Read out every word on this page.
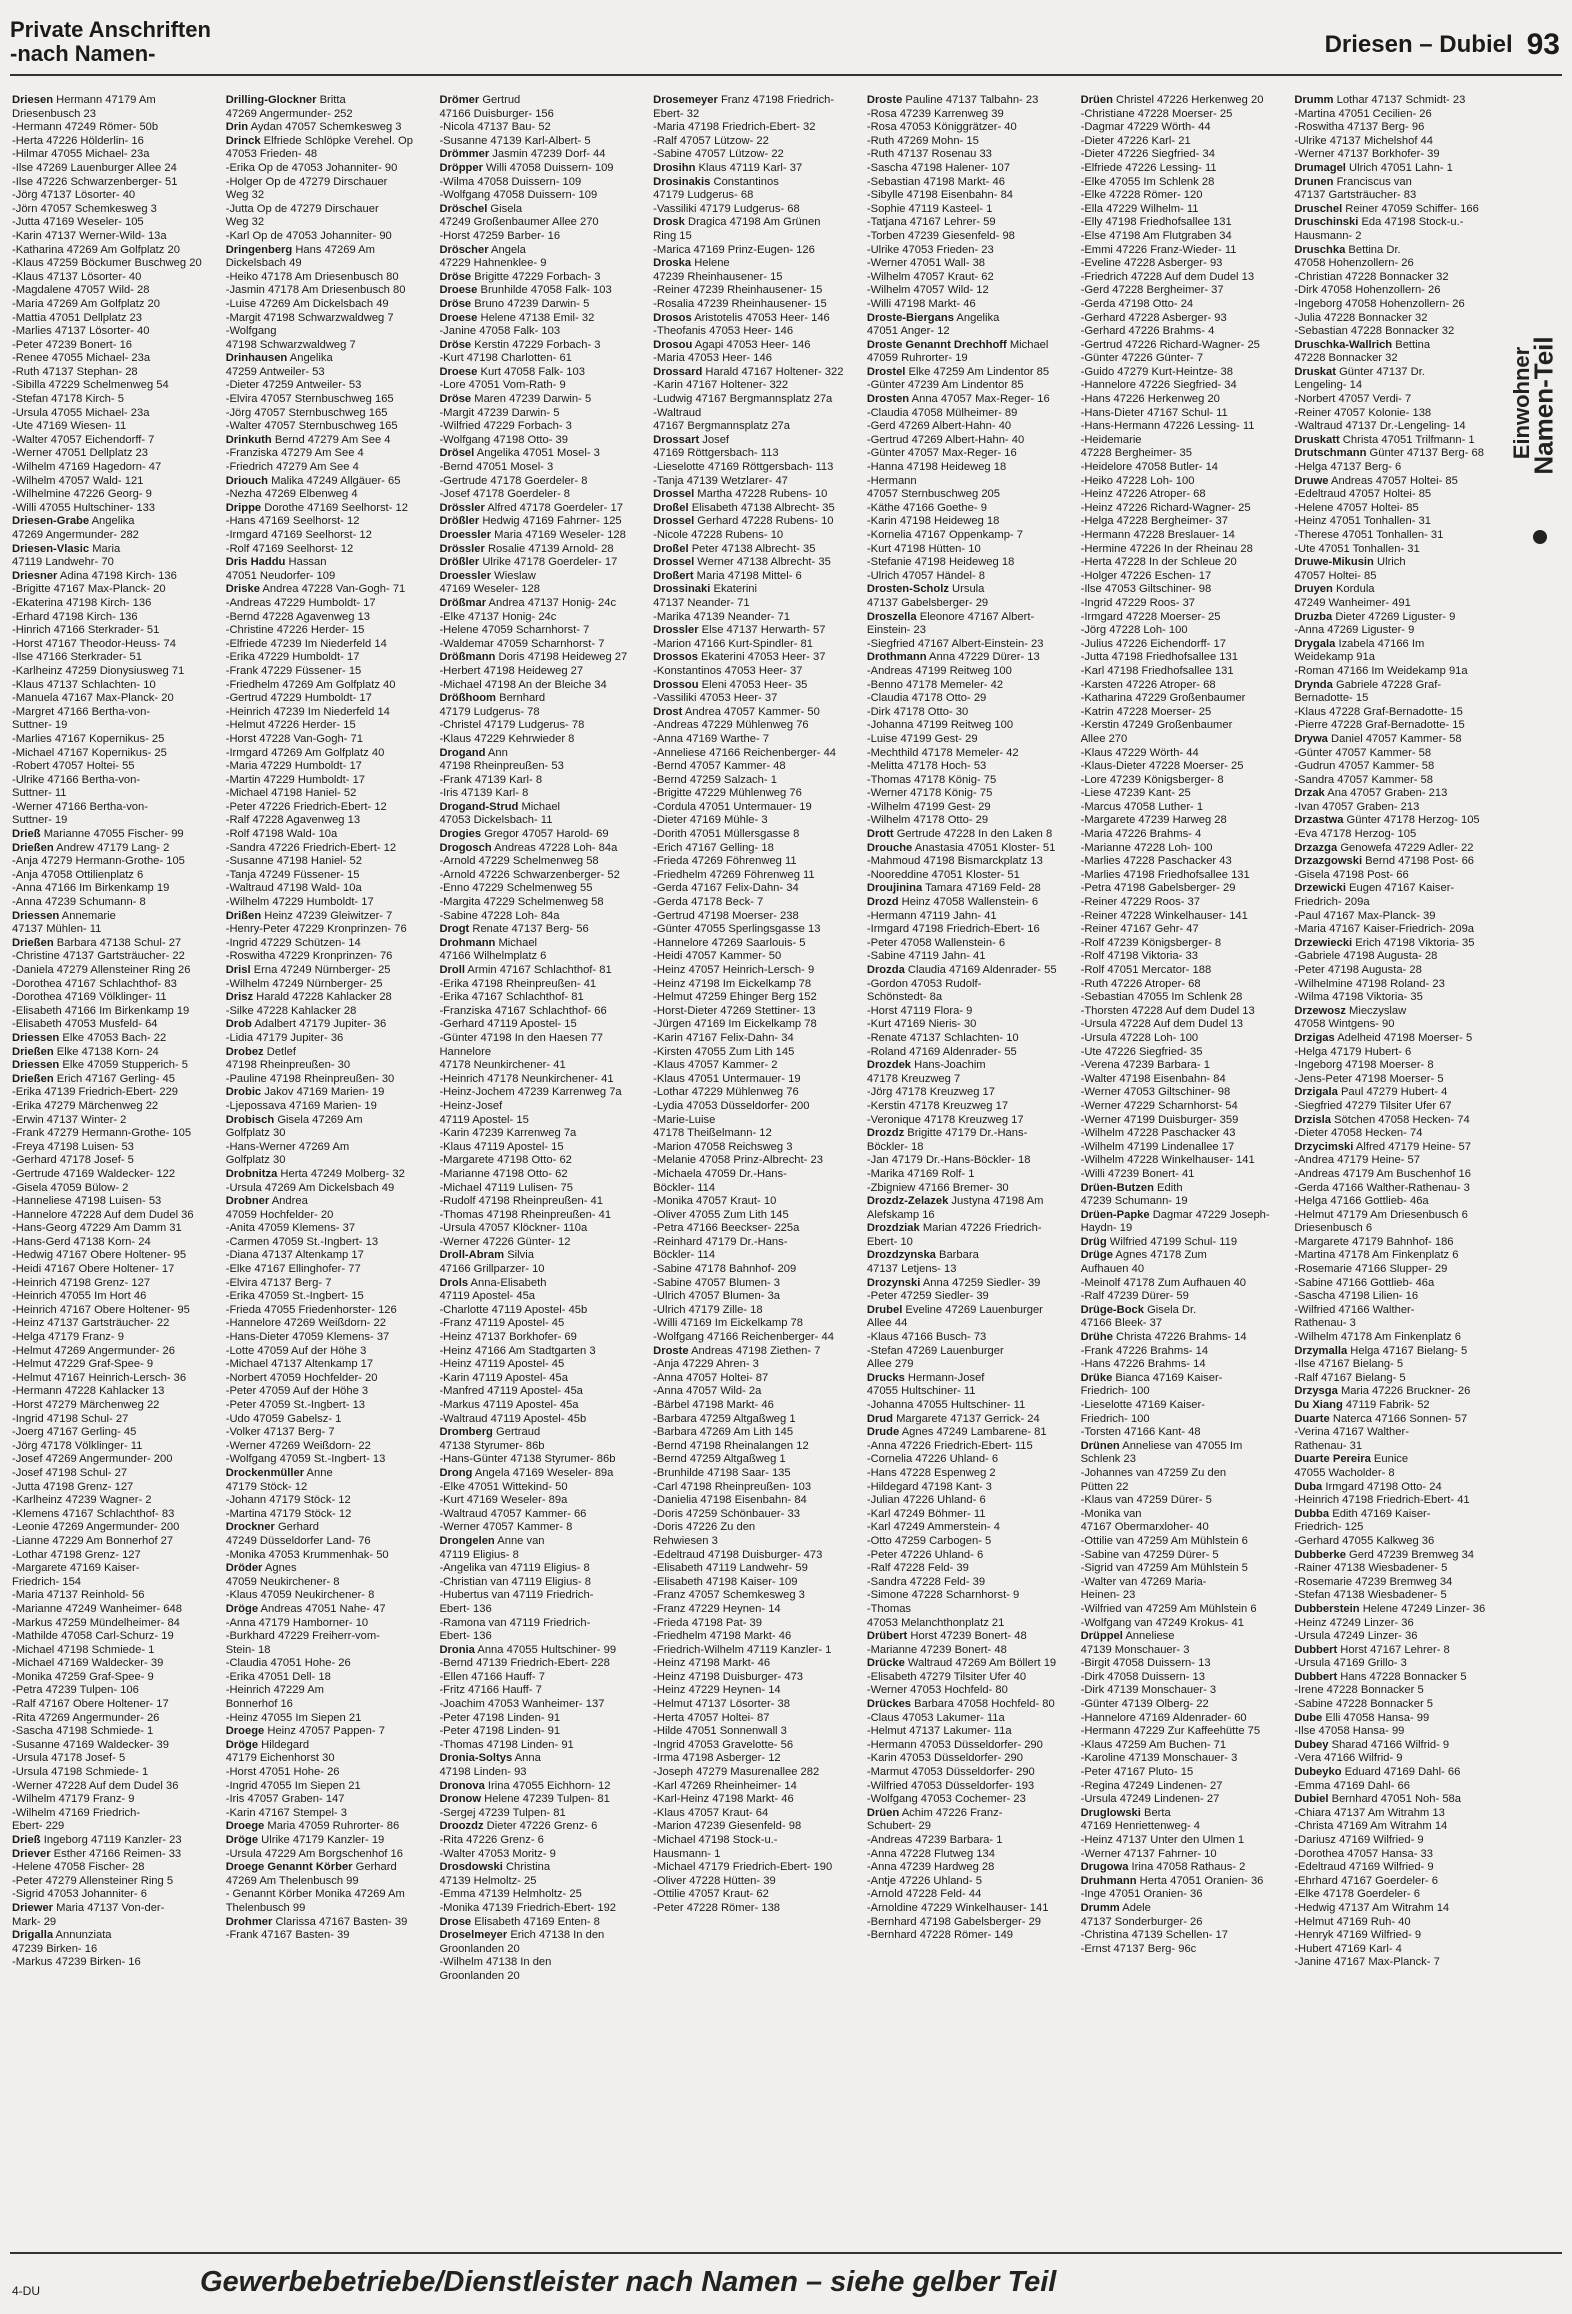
Private Anschriften
-nach Namen-	Driesen – Dubiel 93
Driesen Hermann 47179 Am
Driesenbusch 23
-Hermann 47249 Römer- 50b
-Herta 47226 Hölderlin- 16
-Hilmar 47055 Michael- 23a
-Ilse 47269 Lauenburger Allee 24
-Ilse 47226 Schwarzenberger- 51
-Jörg 47137 Lösorter- 40
-Jörn 47057 Schemkesweg 3
-Jutta 47169 Weseler- 105
-Karin 47137 Werner-Wild- 13a
-Katharina 47269 Am Golfplatz 20
-Klaus 47259 Böckumer Buschweg 20
-Klaus 47137 Lösorter- 40
-Magdalene 47057 Wild- 28
-Maria 47269 Am Golfplatz 20
-Mattia 47051 Dellplatz 23
-Marlies 47137 Lösorter- 40
-Peter 47239 Bonert- 16
-Renee 47055 Michael- 23a
-Ruth 47137 Stephan- 28
-Sibilla 47229 Schelmenweg 54
-Stefan 47178 Kirch- 5
-Ursula 47055 Michael- 23a
-Ute 47169 Wiesen- 11
-Walter 47057 Eichendorff- 7
-Werner 47051 Dellplatz 23
-Wilhelm 47169 Hagedorn- 47
-Wilhelm 47057 Wald- 121
-Wilhelmine 47226 Georg- 9
-Willi 47055 Hultschiner- 133
Driesen-Grabe Angelika
47269 Angermunder- 282
Driesen-Vlasic Maria
47119 Landwehr- 70
Driesner Adina 47198 Kirch- 136
-Brigitte 47167 Max-Planck- 20
-Ekaterina 47198 Kirch- 136
-Erhard 47198 Kirch- 136
-Hinrich 47166 Sterkrader- 51
-Horst 47167 Theodor-Heuss- 74
-Ilse 47166 Sterkrader- 51
-Karlheinz 47259 Dionysiusweg 71
-Klaus 47137 Schlachten- 10
-Manuela 47167 Max-Planck- 20
-Margret 47166 Bertha-von-
Suttner- 19
-Marlies 47167 Kopernikus- 25
-Michael 47167 Kopernikus- 25
-Robert 47057 Holtei- 55
-Ulrike 47166 Bertha-von-
Suttner- 11
-Werner 47166 Bertha-von-
Suttner- 19
Drieß Marianne 47055 Fischer- 99
Drießen Andrew 47179 Lang- 2
-Anja 47279 Hermann-Grothe- 105
-Anja 47058 Ottilienplatz 6
-Anna 47166 Im Birkenkamp 19
-Anna 47239 Schumann- 8
Driessen Annemarie
47137 Mühlen- 11
Drießen Barbara 47138 Schul- 27
-Christine 47137 Gartsträucher- 22
-Daniela 47279 Allensteiner Ring 26
-Dorothea 47167 Schlachthof- 83
-Dorothea 47169 Völklinger- 11
-Elisabeth 47166 Im Birkenkamp 19
-Elisabeth 47053 Musfeld- 64
Driessen Elke 47053 Bach- 22
Drießen Elke 47138 Korn- 24
Driessen Elke 47059 Stupperich- 5
Drießen Erich 47167 Gerling- 45
-Erika 47139 Friedrich-Ebert- 229
-Erika 47279 Märchenweg 22
-Erwin 47137 Winter- 2
-Frank 47279 Hermann-Grothe- 105
-Freya 47198 Luisen- 53
-Gerhard 47178 Josef- 5
-Gertrude 47169 Waldecker- 122
-Gisela 47059 Bülow- 2
-Hanneliese 47198 Luisen- 53
-Hannelore 47228 Auf dem Dudel 36
-Hans-Georg 47229 Am Damm 31
-Hans-Gerd 47138 Korn- 24
-Hedwig 47167 Obere Holtener- 95
-Heidi 47167 Obere Holtener- 17
-Heinrich 47198 Grenz- 127
-Heinrich 47055 Im Hort 46
-Heinrich 47167 Obere Holtener- 95
-Heinz 47137 Gartsträucher- 22
-Helga 47179 Franz- 9
-Helmut 47269 Angermunder- 26
-Helmut 47229 Graf-Spee- 9
-Helmut 47167 Heinrich-Lersch- 36
-Hermann 47228 Kahlacker 13
-Horst 47279 Märchenweg 22
-Ingrid 47198 Schul- 27
-Joerg 47167 Gerling- 45
-Jörg 47178 Völklinger- 11
-Josef 47269 Angermunder- 200
-Josef 47198 Schul- 27
-Jutta 47198 Grenz- 127
-Karlheinz 47239 Wagner- 2
-Klemens 47167 Schlachthof- 83
-Leonie 47269 Angermunder- 200
-Lianne 47229 Am Bonnerhof 27
-Lothar 47198 Grenz- 127
-Margarete 47169 Kaiser-
Friedrich- 154
-Maria 47137 Reinhold- 56
-Marianne 47249 Wanheimer- 648
-Markus 47259 Mündelheimer- 84
-Mathilde 47058 Carl-Schurz- 19
-Michael 47198 Schmiede- 1
-Michael 47169 Waldecker- 39
-Monika 47259 Graf-Spee- 9
-Petra 47239 Tulpen- 106
-Ralf 47167 Obere Holtener- 17
-Rita 47269 Angermunder- 26
-Sascha 47198 Schmiede- 1
-Susanne 47169 Waldecker- 39
-Ursula 47178 Josef- 5
-Ursula 47198 Schmiede- 1
-Werner 47228 Auf dem Dudel 36
-Wilhelm 47179 Franz- 9
-Wilhelm 47169 Friedrich-
Ebert- 229
Drieß Ingeborg 47119 Kanzler- 23
Driever Esther 47166 Reimen- 33
-Helene 47058 Fischer- 28
-Peter 47279 Allensteiner Ring 5
-Sigrid 47053 Johanniter- 6
Driewer Maria 47137 Von-der-
Mark- 29
Drigalla Annunziata
47239 Birken- 16
-Markus 47239 Birken- 16
Drilling-Glockner Britta
47269 Angermunder- 252
Drin Aydan 47057 Schemkesweg 3
Drinck Elfriede Schlöpke Verehel. Op
47053 Frieden- 48
-Erika Op de 47053 Johanniter- 90
-Holger Op de 47279 Dirschauer
Weg 32
-Jutta Op de 47279 Dirschauer
Weg 32
-Karl Op de 47053 Johanniter- 90
Dringenberg Hans 47269 Am
Dickelsbach 49
-Heiko 47178 Am Driesenbusch 80
-Jasmin 47178 Am Driesenbusch 80
-Luise 47269 Am Dickelsbach 49
-Margit 47198 Schwarzwaldweg 7
-Wolfgang
47198 Schwarzwaldweg 7
Drinhausen Angelika
47259 Antweiler- 53
-Dieter 47259 Antweiler- 53
-Elvira 47057 Sternbuschweg 165
-Jörg 47057 Sternbuschweg 165
-Walter 47057 Sternbuschweg 165
Drinkuth Bernd 47279 Am See 4
-Franziska 47279 Am See 4
-Friedrich 47279 Am See 4
Driouch Malika 47249 Allgäuer- 65
-Nezha 47269 Elbenweg 4
Drippe Dorothe 47169 Seelhorst- 12
-Hans 47169 Seelhorst- 12
-Irmgard 47169 Seelhorst- 12
-Rolf 47169 Seelhorst- 12
Dris Haddu Hassan
47051 Neudorfer- 109
Driske Andrea 47228 Van-Gogh- 71
-Andreas 47229 Humboldt- 17
-Bernd 47228 Agavenweg 13
-Christine 47226 Herder- 15
-Elfriede 47239 Im Niederfeld 14
-Erika 47229 Humboldt- 17
-Frank 47229 Füssener- 15
-Friedhelm 47269 Am Golfplatz 40
-Gertrud 47229 Humboldt- 17
-Heinrich 47239 Im Niederfeld 14
-Helmut 47226 Herder- 15
-Horst 47228 Van-Gogh- 71
-Irmgard 47269 Am Golfplatz 40
-Maria 47229 Humboldt- 17
-Martin 47229 Humboldt- 17
-Michael 47198 Haniel- 52
-Peter 47226 Friedrich-Ebert- 12
-Ralf 47228 Agavenweg 13
-Rolf 47198 Wald- 10a
-Sandra 47226 Friedrich-Ebert- 12
-Susanne 47198 Haniel- 52
-Tanja 47249 Füssener- 15
-Waltraud 47198 Wald- 10a
-Wilhelm 47229 Humboldt- 17
Drißen Heinz 47239 Gleiwitzer- 7
-Henry-Peter 47229 Kronprinzen- 76
-Ingrid 47229 Schützen- 14
-Roswitha 47229 Kronprinzen- 76
Drisl Erna 47249 Nürnberger- 25
-Wilhelm 47249 Nürnberger- 25
Drisz Harald 47228 Kahlacker 28
-Silke 47228 Kahlacker 28
Drob Adalbert 47179 Jupiter- 36
-Lidia 47179 Jupiter- 36
Drobez Detlef
47198 Rheinpreußen- 30
-Pauline 47198 Rheinpreußen- 30
Drobic Jakov 47169 Marien- 19
-Ljepossava 47169 Marien- 19
Drobisch Gisela 47269 Am
Golfplatz 30
-Hans-Werner 47269 Am
Golfplatz 30
Drobnitza Herta 47249 Molberg- 32
-Ursula 47269 Am Dickelsbach 49
Drobner Andrea
47059 Hochfelder- 20
-Anita 47059 Klemens- 37
-Carmen 47059 St.-Ingbert- 13
-Diana 47137 Altenkamp 17
-Elke 47167 Ellinghofer- 77
-Elvira 47137 Berg- 7
-Erika 47059 St.-Ingbert- 15
-Frieda 47055 Friedenhorster- 126
-Hannelore 47269 Weißdorn- 22
-Hans-Dieter 47059 Klemens- 37
-Lotte 47059 Auf der Höhe 3
-Michael 47137 Altenkamp 17
-Norbert 47059 Hochfelder- 20
-Peter 47059 Auf der Höhe 3
-Peter 47059 St.-Ingbert- 13
-Udo 47059 Gabelsz- 1
-Volker 47137 Berg- 7
-Werner 47269 Weißdorn- 22
-Wolfgang 47059 St.-Ingbert- 13
Drockenmüller Anne
47179 Stöck- 12
-Johann 47179 Stöck- 12
-Martina 47179 Stöck- 12
Drockner Gerhard
47249 Düsseldorfer Land- 76
-Monika 47053 Krummenhak- 50
Dröder Agnes
47059 Neukirchener- 8
-Klaus 47059 Neukirchener- 8
Dröge Andreas 47051 Nahe- 47
-Anna 47179 Hamborner- 10
-Burkhard 47229 Freiherr-vom-
Stein- 18
-Claudia 47051 Hohe- 26
-Erika 47051 Dell- 18
-Heinrich 47229 Am
Bonnerhof 16
-Heinz 47055 Im Siepen 21
Droege Heinz 47057 Pappen- 7
Dröge Hildegard
47179 Eichenhorst 30
-Horst 47051 Hohe- 26
-Ingrid 47055 Im Siepen 21
-Iris 47057 Graben- 147
-Karin 47167 Stempel- 3
Droege Maria 47059 Ruhrorter- 86
Dröge Ulrike 47179 Kanzler- 19
-Ursula 47229 Am Borgschenhof 16
Droege Genannt Körber Gerhard
47269 Am Thelenbusch 99
- Genannt Körber Monika 47269 Am
Thelenbusch 99
Drohmer Clarissa 47167 Basten- 39
-Frank 47167 Basten- 39
Drömer Gertrud
47166 Duisburger- 156
-Nicola 47137 Bau- 52
-Susanne 47139 Karl-Albert- 5
Drömmer Jasmin 47239 Dorf- 44
Dröpper Willi 47058 Duissern- 109
-Wilma 47058 Duissern- 109
-Wolfgang 47058 Duissern- 109
Dröschel Gisela
47249 Großenbaumer Allee 270
-Horst 47259 Barber- 16
Dröscher Angela
47229 Hahnenklee- 9
Dröse Brigitte 47229 Forbach- 3
Droese Brunhilde 47058 Falk- 103
Dröse Bruno 47239 Darwin- 5
Droese Helene 47138 Emil- 32
-Janine 47058 Falk- 103
Dröse Kerstin 47229 Forbach- 3
-Kurt 47198 Charlotten- 61
Droese Kurt 47058 Falk- 103
-Lore 47051 Vom-Rath- 9
Dröse Maren 47239 Darwin- 5
-Margit 47239 Darwin- 5
-Wilfried 47229 Forbach- 3
-Wolfgang 47198 Otto- 39
Drösel Angelika 47051 Mosel- 3
-Bernd 47051 Mosel- 3
-Gertrude 47178 Goerdeler- 8
-Josef 47178 Goerdeler- 8
Drössler Alfred 47178 Goerdeler- 17
Drößler Hedwig 47169 Fahrner- 125
Droessler Maria 47169 Weseler- 128
Drössler Rosalie 47139 Arnold- 28
Drößler Ulrike 47178 Goerdeler- 17
Droessler Wieslaw
47169 Weseler- 128
Drößmar Andrea 47137 Honig- 24c
-Elke 47137 Honig- 24c
-Helene 47059 Scharnhorst- 7
-Waldemar 47059 Scharnhorst- 7
Drößmann Doris 47198 Heideweg 27
-Herbert 47198 Heideweg 27
-Michael 47198 An der Bleiche 34
Drößhoom Bernhard
47179 Ludgerus- 78
-Christel 47179 Ludgerus- 78
-Klaus 47229 Kehrwieder 8
Drogand Ann
47198 Rheinpreußen- 53
-Frank 47139 Karl- 8
-Iris 47139 Karl- 8
Drogand-Strud Michael
47053 Dickelsbach- 11
Drogies Gregor 47057 Harold- 69
Drogosch Andreas 47228 Loh- 84a
-Arnold 47229 Schelmenweg 58
-Arnold 47226 Schwarzenberger- 52
-Enno 47229 Schelmenweg 55
-Margita 47229 Schelmenweg 58
-Sabine 47228 Loh- 84a
Drogt Renate 47137 Berg- 56
Drohmann Michael
47166 Wilhelmplatz 6
Droll Armin 47167 Schlachthof- 81
-Erika 47198 Rheinpreußen- 41
-Erika 47167 Schlachthof- 81
-Franziska 47167 Schlachthof- 66
-Gerhard 47119 Apostel- 15
-Günter 47198 In den Haesen 77
Hannelore
47178 Neunkirchener- 41
-Heinrich 47178 Neunkirchener- 41
-Heinz-Jochem 47239 Karrenweg 7a
-Heinz-Josef
47119 Apostel- 15
-Karin 47239 Karrenweg 7a
-Klaus 47119 Apostel- 15
-Margarete 47198 Otto- 62
-Marianne 47198 Otto- 62
-Michael 47119 Lulisen- 75
-Rudolf 47198 Rheinpreußen- 41
-Thomas 47198 Rheinpreußen- 41
-Ursula 47057 Klöckner- 110a
-Werner 47226 Günter- 12
Droll-Abram Silvia
47166 Grillparzer- 10
Drols Anna-Elisabeth
47119 Apostel- 45a
-Charlotte 47119 Apostel- 45b
-Franz 47119 Apostel- 45
-Heinz 47137 Borkhofer- 69
-Heinz 47166 Am Stadtgarten 3
-Heinz 47119 Apostel- 45
-Karin 47119 Apostel- 45a
-Manfred 47119 Apostel- 45a
-Markus 47119 Apostel- 45a
-Waltraud 47119 Apostel- 45b
Dromberg Gertraud
47138 Styrumer- 86b
-Hans-Günter 47138 Styrumer- 86b
Drong Angela 47169 Weseler- 89a
-Elke 47051 Wittekind- 50
-Kurt 47169 Weseler- 89a
-Waltraud 47057 Kammer- 66
-Werner 47057 Kammer- 8
Drongelen Anne van
47119 Eligius- 8
-Angelika van 47119 Eligius- 8
-Christian van 47119 Eligius- 8
-Hubertus van 47119 Friedrich-
Ebert- 136
-Ramona van 47119 Friedrich-
Ebert- 136
Dronia Anna 47055 Hultschiner- 99
-Bernd 47139 Friedrich-Ebert- 228
-Ellen 47166 Hauff- 7
-Fritz 47166 Hauff- 7
-Joachim 47053 Wanheimer- 137
-Peter 47198 Linden- 91
-Peter 47198 Linden- 91
-Thomas 47198 Linden- 91
Dronia-Soltys Anna
47198 Linden- 93
Dronova Irina 47055 Eichhorn- 12
Dronow Helene 47239 Tulpen- 81
-Sergej 47239 Tulpen- 81
Droozdz Dieter 47226 Grenz- 6
-Rita 47226 Grenz- 6
-Walter 47053 Moritz- 9
Drosdowski Christina
47139 Helmoltz- 25
-Emma 47139 Helmholtz- 25
-Monika 47139 Friedrich-Ebert- 192
Drose Elisabeth 47169 Enten- 8
Droselmeyer Erich 47138 In den
Groonlanden 20
-Wilhelm 47138 In den
Groonlanden 20
Drosemeyer Franz 47198 Friedrich-
Ebert- 32
-Maria 47198 Friedrich-Ebert- 32
-Ralf 47057 Lützow- 22
-Sabine 47057 Lützow- 22
Drosihn Klaus 47119 Karl- 37
Drosinakis Constantinos
47179 Ludgerus- 68
-Vassiliki 47179 Ludgerus- 68
Drosk Dragica 47198 Am Grünen
Ring 15
-Marica 47169 Prinz-Eugen- 126
Droska Helene
47239 Rheinhausener- 15
-Reiner 47239 Rheinhausener- 15
-Rosalia 47239 Rheinhausener- 15
Drosos Aristotelis 47053 Heer- 146
-Theofanis 47053 Heer- 146
Drosou Agapi 47053 Heer- 146
-Maria 47053 Heer- 146
Drossard Harald 47167 Holtener- 322
-Karin 47167 Holtener- 322
-Ludwig 47167 Bergmannsplatz 27a
-Waltraud
47167 Bergmannsplatz 27a
Drossart Josef
47169 Röttgersbach- 113
-Lieselotte 47169 Röttgersbach- 113
-Tanja 47139 Wetzlarer- 47
Drossel Martha 47228 Rubens- 10
Droßel Elisabeth 47138 Albrecht- 35
Drossel Gerhard 47228 Rubens- 10
-Nicole 47228 Rubens- 10
Droßel Peter 47138 Albrecht- 35
Drossel Werner 47138 Albrecht- 35
Droßert Maria 47198 Mittel- 6
Drossinaki Ekaterini
47137 Neander- 71
-Marika 47139 Neander- 71
Drossler Else 47137 Herwarth- 57
-Marion 47166 Kurt-Spindler- 81
Drossos Ekaterini 47053 Heer- 37
-Konstantinos 47053 Heer- 37
Drossou Eleni 47053 Heer- 35
-Vassiliki 47053 Heer- 37
Drost Andrea 47057 Kammer- 50
-Andreas 47229 Mühlenweg 76
-Anna 47169 Warthe- 7
-Anneliese 47166 Reichenberger- 44
-Bernd 47057 Kammer- 48
-Bernd 47259 Salzach- 1
-Brigitte 47229 Mühlenweg 76
-Cordula 47051 Untermauer- 19
-Dieter 47169 Mühle- 3
-Dorith 47051 Müllersgasse 8
-Erich 47167 Gelling- 18
-Frieda 47269 Föhrenweg 11
-Friedhelm 47269 Föhrenweg 11
-Gerda 47167 Felix-Dahn- 34
-Gerda 47178 Beck- 7
-Gertrud 47198 Moerser- 238
-Günter 47055 Sperlingsgasse 13
-Hannelore 47269 Saarlouis- 5
-Heidi 47057 Kammer- 50
-Heinz 47057 Heinrich-Lersch- 9
-Heinz 47198 Im Eickelkamp 78
-Helmut 47259 Ehinger Berg 152
-Horst-Dieter 47269 Stettiner- 13
-Jürgen 47169 Im Eickelkamp 78
-Karin 47167 Felix-Dahn- 34
-Kirsten 47055 Zum Lith 145
-Klaus 47057 Kammer- 2
-Klaus 47051 Untermauer- 19
-Lothar 47229 Mühlenweg 76
-Lydia 47053 Düsseldorfer- 200
-Marie-Luise
47178 Theißelmann- 12
-Marion 47058 Reichsweg 3
-Melanie 47058 Prinz-Albrecht- 23
-Michaela 47059 Dr.-Hans-
Böckler- 114
-Monika 47057 Kraut- 10
-Oliver 47055 Zum Lith 145
-Petra 47166 Beeckser- 225a
-Reinhard 47179 Dr.-Hans-
Böckler- 114
-Sabine 47178 Bahnhof- 209
-Sabine 47057 Blumen- 3
-Ulrich 47057 Blumen- 3a
-Ulrich 47179 Zille- 18
-Willi 47169 Im Eickelkamp 78
-Wolfgang 47166 Reichenberger- 44
Droste Andreas 47198 Ziethen- 7
-Anja 47229 Ahren- 3
-Anna 47057 Holtei- 87
-Anna 47057 Wild- 2a
-Bärbel 47198 Markt- 46
-Barbara 47259 Altgaßweg 1
-Barbara 47269 Am Lith 145
-Bernd 47198 Rheinalangen 12
-Bernd 47259 Altgaßweg 1
-Brunhilde 47198 Saar- 135
-Carl 47198 Rheinpreußen- 103
-Danielia 47198 Eisenbahn- 84
-Doris 47259 Schönbauer- 33
-Doris 47226 Zu den
Rehwiesen 3
-Edeltraud 47198 Duisburger- 473
-Elisabeth 47119 Landwehr- 59
-Elisabeth 47198 Kaiser- 109
-Franz 47057 Schemkesweg 3
-Franz 47229 Heynen- 14
-Frieda 47198 Pat- 39
-Friedhelm 47198 Markt- 46
-Friedrich-Wilhelm 47119 Kanzler- 1
-Heinz 47198 Markt- 46
-Heinz 47198 Duisburger- 473
-Heinz 47229 Heynen- 14
-Helmut 47137 Lösorter- 38
-Herta 47057 Holtei- 87
-Hilde 47051 Sonnenwall 3
-Ingrid 47053 Gravelotte- 56
-Irma 47198 Asberger- 12
-Joseph 47279 Masurenallee 282
-Karl 47269 Rheinheimer- 14
-Karl-Heinz 47198 Markt- 46
-Klaus 47057 Kraut- 64
-Marion 47239 Giesenfeld- 98
-Michael 47198 Stock-u.-
Hausmann- 1
-Michael 47179 Friedrich-Ebert- 190
-Oliver 47228 Hütten- 39
-Ottilie 47057 Kraut- 62
-Peter 47228 Römer- 138
Droste Pauline 47137 Talbahn- 23
-Rosa 47239 Karrenweg 39
-Rosa 47053 Königgrätzer- 40
-Ruth 47269 Mohn- 15
-Ruth 47137 Rosenau 33
-Sascha 47198 Halener- 107
-Sebastian 47198 Markt- 46
-Sibylle 47198 Eisenbahn- 84
-Sophie 47119 Kasteel- 1
-Tatjana 47167 Lehrer- 59
-Torben 47239 Giesenfeld- 98
-Ulrike 47053 Frieden- 23
-Werner 47051 Wall- 38
-Wilhelm 47057 Kraut- 62
-Wilhelm 47057 Wild- 12
-Willi 47198 Markt- 46
Droste-Biergans Angelika
47051 Anger- 12
Droste Genannt Drechhoff Michael
47059 Ruhrorter- 19
Drostel Elke 47259 Am Lindentor 85
-Günter 47239 Am Lindentor 85
Drosten Anna 47057 Max-Reger- 16
-Claudia 47058 Mülheimer- 89
-Gerd 47269 Albert-Hahn- 40
-Gertrud 47269 Albert-Hahn- 40
-Günter 47057 Max-Reger- 16
-Hanna 47198 Heideweg 18
-Hermann
47057 Sternbuschweg 205
-Käthe 47166 Goethe- 9
-Karin 47198 Heideweg 18
-Kornelia 47167 Oppenkamp- 7
-Kurt 47198 Hütten- 10
-Stefanie 47198 Heideweg 18
-Ulrich 47057 Händel- 8
Drosten-Scholz Ursula
47137 Gabelsberger- 29
Droszella Eleonore 47167 Albert-
Einstein- 23
-Siegfried 47167 Albert-Einstein- 23
Drothmann Anna 47229 Dürer- 13
-Andreas 47199 Reitweg 100
-Benno 47178 Memeler- 42
-Claudia 47178 Otto- 29
-Dirk 47178 Otto- 30
-Johanna 47199 Reitweg 100
-Luise 47199 Gest- 29
-Mechthild 47178 Memeler- 42
-Melitta 47178 Hoch- 53
-Thomas 47178 König- 75
-Werner 47178 König- 75
-Wilhelm 47199 Gest- 29
-Wilhelm 47178 Otto- 29
Drott Gertrude 47228 In den Laken 8
Drouche Anastasia 47051 Kloster- 51
-Mahmoud 47198 Bismarckplatz 13
-Nooreddine 47051 Kloster- 51
Droujinina Tamara 47169 Feld- 28
Drozd Heinz 47058 Wallenstein- 6
-Hermann 47119 Jahn- 41
-Irmgard 47198 Friedrich-Ebert- 16
-Peter 47058 Wallenstein- 6
-Sabine 47119 Jahn- 41
Drozda Claudia 47169 Aldenrader- 55
-Gordon 47053 Rudolf-
Schönstedt- 8a
-Horst 47119 Flora- 9
-Kurt 47169 Nieris- 30
-Renate 47137 Schlachten- 10
-Roland 47169 Aldenrader- 55
Drozdek Hans-Joachim
47178 Kreuzweg 7
-Jörg 47178 Kreuzweg 17
-Kerstin 47178 Kreuzweg 17
-Veronique 47178 Kreuzweg 17
Drozdz Brigitte 47179 Dr.-Hans-
Böckler- 18
-Jan 47179 Dr.-Hans-Böckler- 18
-Marika 47169 Rolf- 1
-Zbigniew 47166 Bremer- 30
Drozdz-Zelazek Justyna 47198 Am
Alefskamp 16
Drozdziak Marian 47226 Friedrich-
Ebert- 10
Drozdzynska Barbara
47137 Letjens- 13
Drozynski Anna 47259 Siedler- 39
-Peter 47259 Siedler- 39
Drubel Eveline 47269 Lauenburger
Allee 44
-Klaus 47166 Busch- 73
-Stefan 47269 Lauenburger
Allee 279
Drucks Hermann-Josef
47055 Hultschiner- 11
-Johanna 47055 Hultschiner- 11
Drud Margarete 47137 Gerrick- 24
Drude Agnes 47249 Lambarene- 81
-Anna 47226 Friedrich-Ebert- 115
-Cornelia 47226 Uhland- 6
-Hans 47228 Espenweg 2
-Hildegard 47198 Kant- 3
-Julian 47226 Uhland- 6
-Karl 47249 Böhmer- 11
-Karl 47249 Ammerstein- 4
-Otto 47259 Carbogen- 5
-Peter 47226 Uhland- 6
-Ralf 47228 Feld- 39
-Sandra 47228 Feld- 39
-Simone 47228 Scharnhorst- 9
-Thomas
47053 Melanchthonplatz 21
Drübert Horst 47239 Bonert- 48
-Marianne 47239 Bonert- 48
Drücke Waltraud 47269 Am Böllert 19
-Elisabeth 47279 Tilsiter Ufer 40
-Werner 47053 Hochfeld- 80
Drückes Barbara 47058 Hochfeld- 80
-Claus 47053 Lakumer- 11a
-Helmut 47137 Lakumer- 11a
-Hermann 47053 Düsseldorfer- 290
-Karin 47053 Düsseldorfer- 290
-Marmut 47053 Düsseldorfer- 290
-Wilfried 47053 Düsseldorfer- 193
-Wolfgang 47053 Cochemer- 23
Drüen Achim 47226 Franz-
Schubert- 29
-Andreas 47239 Barbara- 1
-Anna 47228 Flutweg 134
-Anna 47239 Hardweg 28
-Antje 47226 Uhland- 5
-Arnold 47228 Feld- 44
-Arnoldine 47229 Winkelhauser- 141
-Bernhard 47198 Gabelsberger- 29
-Bernhard 47228 Römer- 149
Drüen Christel 47226 Herkenweg 20
-Christiane 47228 Moerser- 25
-Dagmar 47229 Wörth- 44
-Dieter 47226 Karl- 21
-Dieter 47226 Siegfried- 34
-Elfriede 47226 Lessing- 11
-Elke 47055 Im Schlenk 28
-Elke 47228 Römer- 120
-Ella 47229 Wilhelm- 11
-Elly 47198 Friedhofsallee 131
-Else 47198 Am Flutgraben 34
-Emmi 47226 Franz-Wieder- 11
-Eveline 47228 Asberger- 93
-Friedrich 47228 Auf dem Dudel 13
-Gerd 47228 Bergheimer- 37
-Gerda 47198 Otto- 24
-Gerhard 47228 Asberger- 93
-Gerhard 47226 Brahms- 4
-Gertrud 47226 Richard-Wagner- 25
-Günter 47226 Günter- 7
-Guido 47279 Kurt-Heintze- 38
-Hannelore 47226 Siegfried- 34
-Hans 47226 Herkenweg 20
-Hans-Dieter 47167 Schul- 11
-Hans-Hermann 47226 Lessing- 11
-Heidemarie
47228 Bergheimer- 35
-Heidelore 47058 Butler- 14
-Heiko 47228 Loh- 100
-Heinz 47226 Atroper- 68
-Heinz 47226 Richard-Wagner- 25
-Helga 47228 Bergheimer- 37
-Hermann 47228 Breslauer- 14
-Hermine 47226 In der Rheinau 28
-Herta 47228 In der Schleue 20
-Holger 47226 Eschen- 17
-Ilse 47053 Giltschiner- 98
-Ingrid 47229 Roos- 37
-Irmgard 47228 Moerser- 25
-Jörg 47228 Loh- 100
-Julius 47226 Eichendorff- 17
-Jutta 47198 Friedhofsallee 131
-Karl 47198 Friedhofsallee 131
-Karsten 47226 Atroper- 68
-Katharina 47229 Großenbaumer
-Katrin 47228 Moerser- 25
-Kerstin 47249 Großenbaumer
Allee 270
-Klaus 47229 Wörth- 44
-Klaus-Dieter 47228 Moerser- 25
-Lore 47239 Königsberger- 8
-Liese 47239 Kant- 25
-Marcus 47058 Luther- 1
-Margarete 47239 Harweg 28
-Maria 47226 Brahms- 4
-Marianne 47228 Loh- 100
-Marlies 47228 Paschacker 43
-Marlies 47198 Friedhofsallee 131
-Petra 47198 Gabelsberger- 29
-Reiner 47229 Roos- 37
-Reiner 47228 Winkelhauser- 141
-Reiner 47167 Gehr- 47
-Rolf 47239 Königsberger- 8
-Rolf 47198 Viktoria- 33
-Rolf 47051 Mercator- 188
-Ruth 47226 Atroper- 68
-Sebastian 47055 Im Schlenk 28
-Thorsten 47228 Auf dem Dudel 13
-Ursula 47228 Auf dem Dudel 13
-Ursula 47228 Loh- 100
-Ute 47226 Siegfried- 35
-Verena 47239 Barbara- 1
-Walter 47198 Eisenbahn- 84
-Werner 47053 Giltschiner- 98
-Werner 47229 Scharnhorst- 54
-Werner 47199 Duisburger- 359
-Wilhelm 47228 Paschacker 43
-Wilhelm 47199 Lindenallee 17
-Wilhelm 47228 Winkelhauser- 141
-Willi 47239 Bonert- 41
Drüen-Butzen Edith
47239 Schumann- 19
Drüen-Papke Dagmar 47229 Joseph-
Haydn- 19
Drüg Wilfried 47199 Schul- 119
Drüge Agnes 47178 Zum
Aufhauen 40
-Meinolf 47178 Zum Aufhauen 40
-Ralf 47239 Dürer- 59
Drüge-Bock Gisela Dr.
47166 Bleek- 37
Drühe Christa 47226 Brahms- 14
-Frank 47226 Brahms- 14
-Hans 47226 Brahms- 14
Drüke Bianca 47169 Kaiser-
Friedrich- 100
-Lieselotte 47169 Kaiser-
Friedrich- 100
-Torsten 47166 Kant- 48
Drünen Anneliese van 47055 Im
Schlenk 23
-Johannes van 47259 Zu den
Pütten 22
-Klaus van 47259 Dürer- 5
-Monika van
47167 Obermarxloher- 40
-Ottilie van 47259 Am Mühlstein 6
-Sabine van 47259 Dürer- 5
-Sigrid van 47259 Am Mühlstein 5
-Walter van 47269 Maria-
Heinen- 23
-Wilfried van 47259 Am Mühlstein 6
-Wolfgang van 47249 Krokus- 41
Drüppel Anneliese
47139 Monschauer- 3
-Birgit 47058 Duissern- 13
-Dirk 47058 Duissern- 13
-Dirk 47139 Monschauer- 3
-Günter 47139 Olberg- 22
-Hannelore 47169 Aldenrader- 60
-Hermann 47229 Zur Kaffeehütte 75
-Klaus 47259 Am Buchen- 71
-Karoline 47139 Monschauer- 3
-Peter 47167 Pluto- 15
-Regina 47249 Lindenen- 27
-Ursula 47249 Lindenen- 27
Druglowski Berta
47169 Henriettenweg- 4
-Heinz 47137 Unter den Ulmen 1
-Werner 47137 Fahrner- 10
Drugowa Irina 47058 Rathaus- 2
Druhmann Herta 47051 Oranien- 36
-Inge 47051 Oranien- 36
Drumm Adele
47137 Sonderburger- 26
-Christina 47139 Schellen- 17
-Ernst 47137 Berg- 96c
Drumm Lothar 47137 Schmidt- 23
-Martina 47051 Cecilien- 26
-Roswitha 47137 Berg- 96
-Ulrike 47137 Michelshof 44
-Werner 47137 Borkhofer- 39
Drumagel Ulrich 47051 Lahn- 1
Drunen Franciscus van
47137 Gartsträucher- 83
Druschel Reiner 47059 Schiffer- 166
Druschinski Eda 47198 Stock-u.-
Hausmann- 2
Druschka Bettina Dr.
47058 Hohenzollern- 26
-Christian 47228 Bonnacker 32
-Dirk 47058 Hohenzollern- 26
-Ingeborg 47058 Hohenzollern- 26
-Julia 47228 Bonnacker 32
-Sebastian 47228 Bonnacker 32
Druschka-Wallrich Bettina
47228 Bonnacker 32
Druskat Günter 47137 Dr.
Lengeling- 14
-Norbert 47057 Verdi- 7
-Reiner 47057 Kolonie- 138
-Waltraud 47137 Dr.-Lengeling- 14
Druskatt Christa 47051 Trilfmann- 1
Drutschmann Günter 47137 Berg- 68
-Helga 47137 Berg- 6
Druwe Andreas 47057 Holtei- 85
-Edeltraud 47057 Holtei- 85
-Helene 47057 Holtei- 85
-Heinz 47051 Tonhallen- 31
-Therese 47051 Tonhallen- 31
-Ute 47051 Tonhallen- 31
Druwe-Mikusin Ulrich
47057 Holtei- 85
Druyen Kordula
47249 Wanheimer- 491
Druzba Dieter 47269 Liguster- 9
-Anna 47269 Liguster- 9
Drygala Izabela 47166 Im
Weidekamp 91a
-Roman 47166 Im Weidekamp 91a
Drynda Gabriele 47228 Graf-
Bernadotte- 15
-Klaus 47228 Graf-Bernadotte- 15
-Pierre 47228 Graf-Bernadotte- 15
Drywa Daniel 47057 Kammer- 58
-Günter 47057 Kammer- 58
-Gudrun 47057 Kammer- 58
-Sandra 47057 Kammer- 58
Drzak Ana 47057 Graben- 213
-Ivan 47057 Graben- 213
Drzastwa Günter 47178 Herzog- 105
-Eva 47178 Herzog- 105
Drzazga Genowefa 47229 Adler- 22
Drzazgowski Bernd 47198 Post- 66
-Gisela 47198 Post- 66
Drzewicki Eugen 47167 Kaiser-
Friedrich- 209a
-Paul 47167 Max-Planck- 39
-Maria 47167 Kaiser-Friedrich- 209a
Drzewiecki Erich 47198 Viktoria- 35
-Gabriele 47198 Augusta- 28
-Peter 47198 Augusta- 28
-Wilhelmine 47198 Roland- 23
-Wilma 47198 Viktoria- 35
Drzewosz Mieczyslaw
47058 Wintgens- 90
Drzigas Adelheid 47198 Moerser- 5
-Helga 47179 Hubert- 6
-Ingeborg 47198 Moerser- 8
-Jens-Peter 47198 Moerser- 5
Drzigala Paul 47279 Hubert- 4
-Siegfried 47279 Tilsiter Ufer 67
Drzisla Sötchen 47058 Hecken- 74
-Dieter 47058 Hecken- 74
Drzycimski Alfred 47179 Heine- 57
-Andrea 47179 Heine- 57
-Andreas 47179 Am Buschenhof 16
-Gerda 47166 Walther-Rathenau- 3
-Helga 47166 Gottlieb- 46a
-Helmut 47179 Am Driesenbusch 6
Driesenbusch 6
-Margarete 47179 Bahnhof- 186
-Martina 47178 Am Finkenplatz 6
-Rosemarie 47166 Slupper- 29
-Sabine 47166 Gottlieb- 46a
-Sascha 47198 Lilien- 16
-Wilfried 47166 Walther-
Rathenau- 3
-Wilhelm 47178 Am Finkenplatz 6
Drzymalla Helga 47167 Bielang- 5
-Ilse 47167 Bielang- 5
-Ralf 47167 Bielang- 5
Drzysga Maria 47226 Bruckner- 26
Du Xiang 47119 Fabrik- 52
Duarte Naterca 47166 Sonnen- 57
-Verina 47167 Walther-
Rathenau- 31
Duarte Pereira Eunice
47055 Wacholder- 8
Duba Irmgard 47198 Otto- 24
-Heinrich 47198 Friedrich-Ebert- 41
Dubba Edith 47169 Kaiser-
Friedrich- 125
-Gerhard 47055 Kalkweg 36
Dubberke Gerd 47239 Bremweg 34
-Rainer 47138 Wiesbadener- 5
-Rosemarie 47239 Bremweg 34
-Stefan 47138 Wiesbadener- 5
Dubberstein Helene 47249 Linzer- 36
-Heinz 47249 Linzer- 36
-Ursula 47249 Linzer- 36
Dubbert Horst 47167 Lehrer- 8
-Ursula 47169 Grillo- 3
Dubbert Hans 47228 Bonnacker 5
-Irene 47228 Bonnacker 5
-Sabine 47228 Bonnacker 5
Dube Elli 47058 Hansa- 99
-Ilse 47058 Hansa- 99
Dubey Sharad 47166 Wilfrid- 9
-Vera 47166 Wilfrid- 9
Dubeyko Eduard 47169 Dahl- 66
-Emma 47169 Dahl- 66
Dubiel Bernhard 47051 Noh- 58a
-Chiara 47137 Am Witrahm 13
-Christa 47169 Am Witrahm 14
-Dariusz 47169 Wilfried- 9
-Dorothea 47057 Hansa- 33
-Edeltraud 47169 Wilfried- 9
-Ehrhard 47167 Goerdeler- 6
-Elke 47178 Goerdeler- 6
-Hedwig 47137 Am Witrahm 14
-Helmut 47169 Ruh- 40
-Henryk 47169 Wilfried- 9
-Hubert 47169 Karl- 4
-Janine 47167 Max-Planck- 7
Einwohner
Namen-Teil
4-DU	Gewerbebetriebe/Dienstleister nach Namen – siehe gelber Teil
